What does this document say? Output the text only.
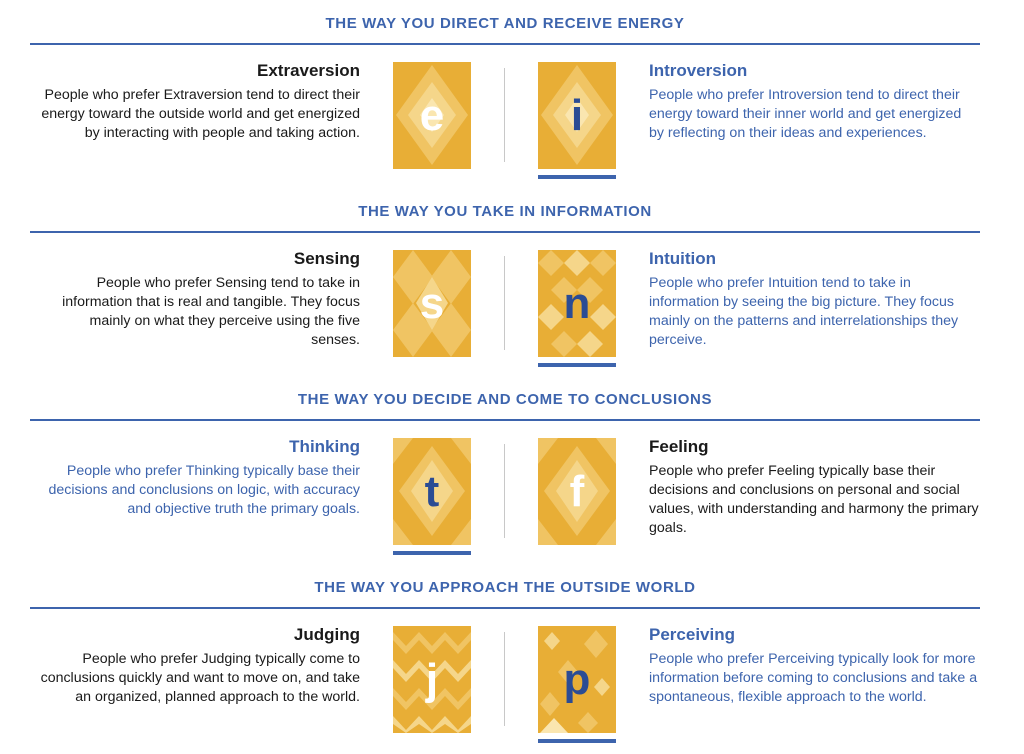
THE WAY YOU DIRECT AND RECEIVE ENERGY
Extraversion
People who prefer Extraversion tend to direct their energy toward the outside world and get energized by interacting with people and taking action.	e	i
Introversion
People who prefer Introversion tend to direct their energy toward their inner world and get energized by reflecting on their ideas and experiences.
THE WAY YOU TAKE IN INFORMATION
Sensing
People who prefer Sensing tend to take in information that is real and tangible. They focus mainly on what they perceive using the five senses.
s	n
Intuition
People who prefer Intuition tend to take in information by seeing the big picture. They focus mainly on the patterns and interrelationships they perceive.
THE WAY YOU DECIDE AND COME TO CONCLUSIONS
Thinking
People who prefer Thinking typically base their decisions and conclusions on logic, with accuracy and objective truth the primary goals.	t	f
Feeling
People who prefer Feeling typically base their decisions and conclusions on personal and social values, with understanding and harmony the primary goals.
THE WAY YOU APPROACH THE OUTSIDE WORLD
Judging
People who prefer Judging typically come to conclusions quickly and want to move on, and take an organized, planned approach to the world.	j	p
Perceiving
People who prefer Perceiving typically look for more information before coming to conclusions and take a spontaneous, flexible approach to the world.
